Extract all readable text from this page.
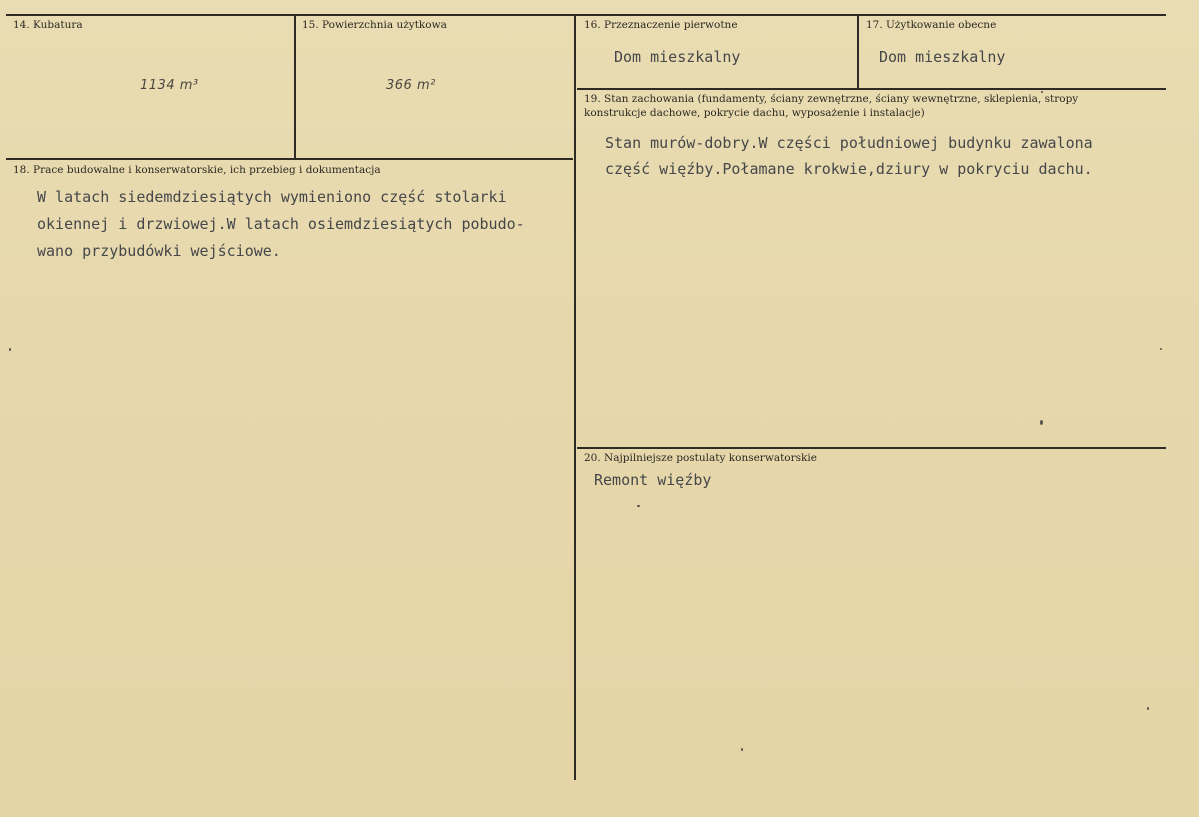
14. Kubatura
1134 m³
15. Powierzchnia użytkowa
366 m²
16. Przeznaczenie pierwotne
Dom mieszkalny
17. Użytkowanie obecne
Dom mieszkalny
18. Prace budowalne i konserwatorskie, ich przebieg i dokumentacja
W latach siedemdziesiątych wymieniono część stolarki
okiennej i drzwiowej.W latach osiemdziesiątych pobudo-
wano przybudówki wejściowe.
19. Stan zachowania (fundamenty, ściany zewnętrzne, ściany wewnętrzne, sklepienia, stropy konstrukcje dachowe, pokrycie dachu, wyposażenie i instalacje)
Stan murów-dobry.W części południowej budynku zawalona
część więźby.Połamane krokwie,dziury w pokryciu dachu.
20. Najpilniejsze postulaty konserwatorskie
Remont więźby
